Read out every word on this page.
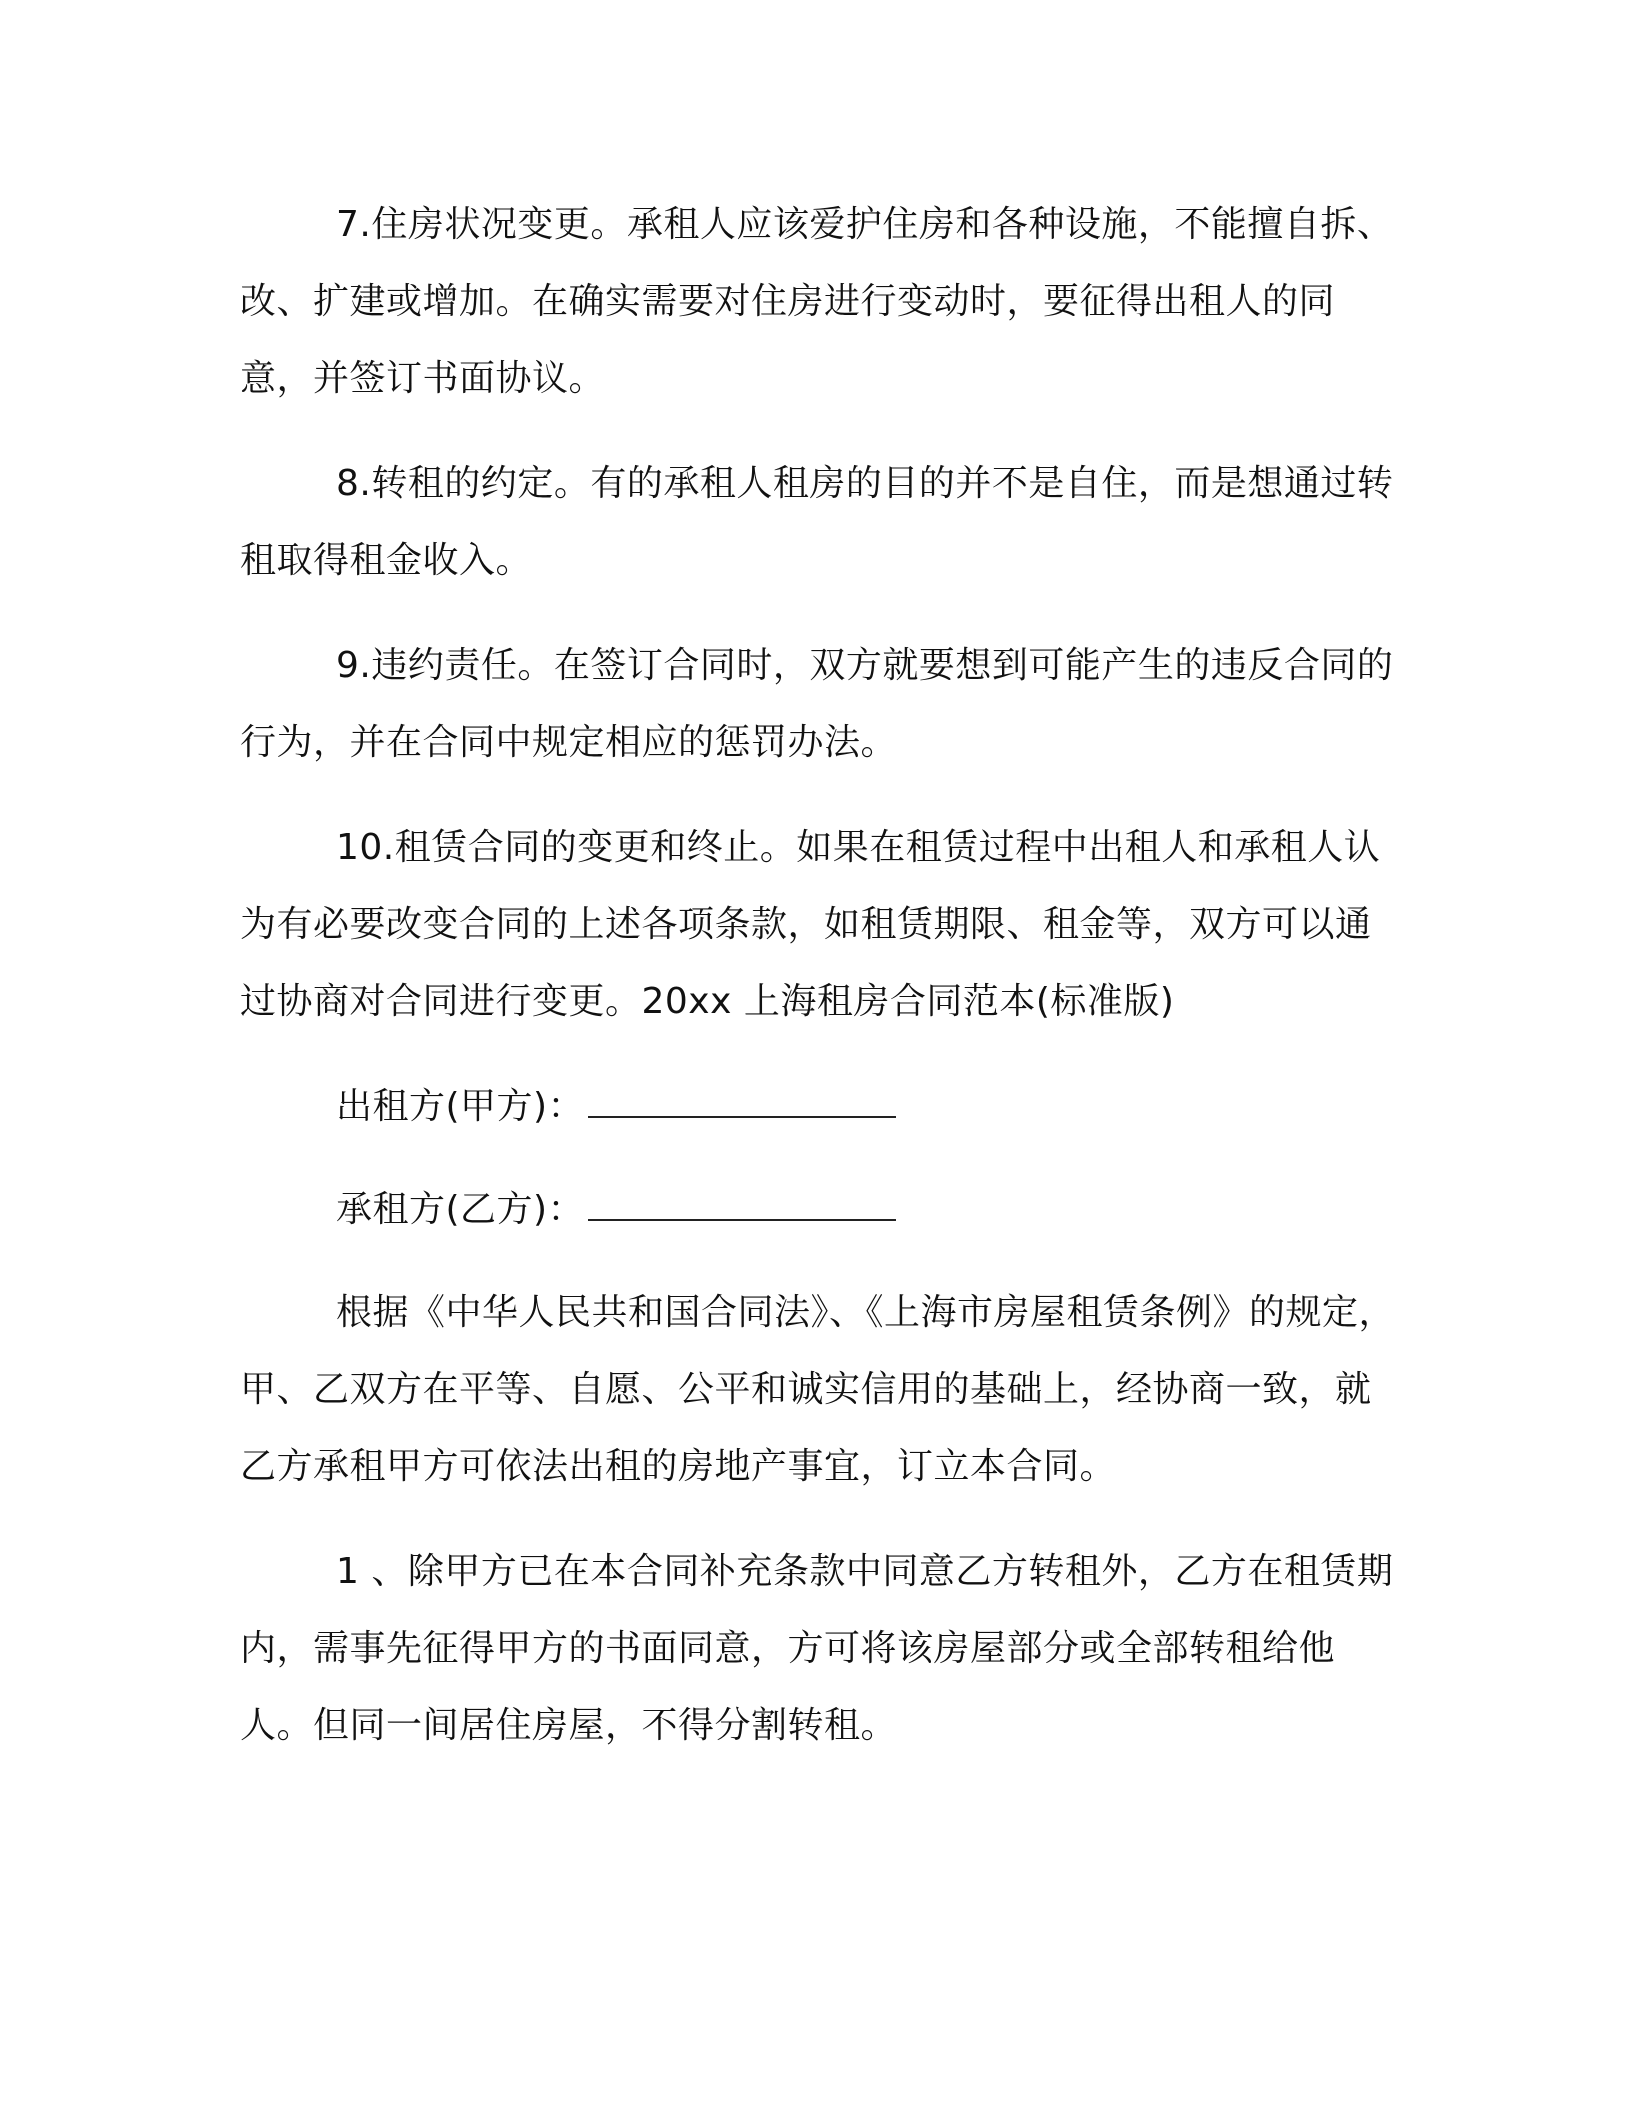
7.住房状况变更。承租人应该爱护住房和各种设施，不能擅自拆、改、扩建或增加。在确实需要对住房进行变动时，要征得出租人的同意，并签订书面协议。

8.转租的约定。有的承租人租房的目的并不是自住，而是想通过转租取得租金收入。

9.违约责任。在签订合同时，双方就要想到可能产生的违反合同的行为，并在合同中规定相应的惩罚办法。

10.租赁合同的变更和终止。如果在租赁过程中出租人和承租人认为有必要改变合同的上述各项条款，如租赁期限、租金等，双方可以通过协商对合同进行变更。20xx 上海租房合同范本(标准版)

出租方(甲方)：

承租方(乙方)：

根据《中华人民共和国合同法》、《上海市房屋租赁条例》的规定，甲、乙双方在平等、自愿、公平和诚实信用的基础上，经协商一致，就乙方承租甲方可依法出租的房地产事宜，订立本合同。

1 、除甲方已在本合同补充条款中同意乙方转租外，乙方在租赁期内，需事先征得甲方的书面同意，方可将该房屋部分或全部转租给他人。但同一间居住房屋，不得分割转租。
